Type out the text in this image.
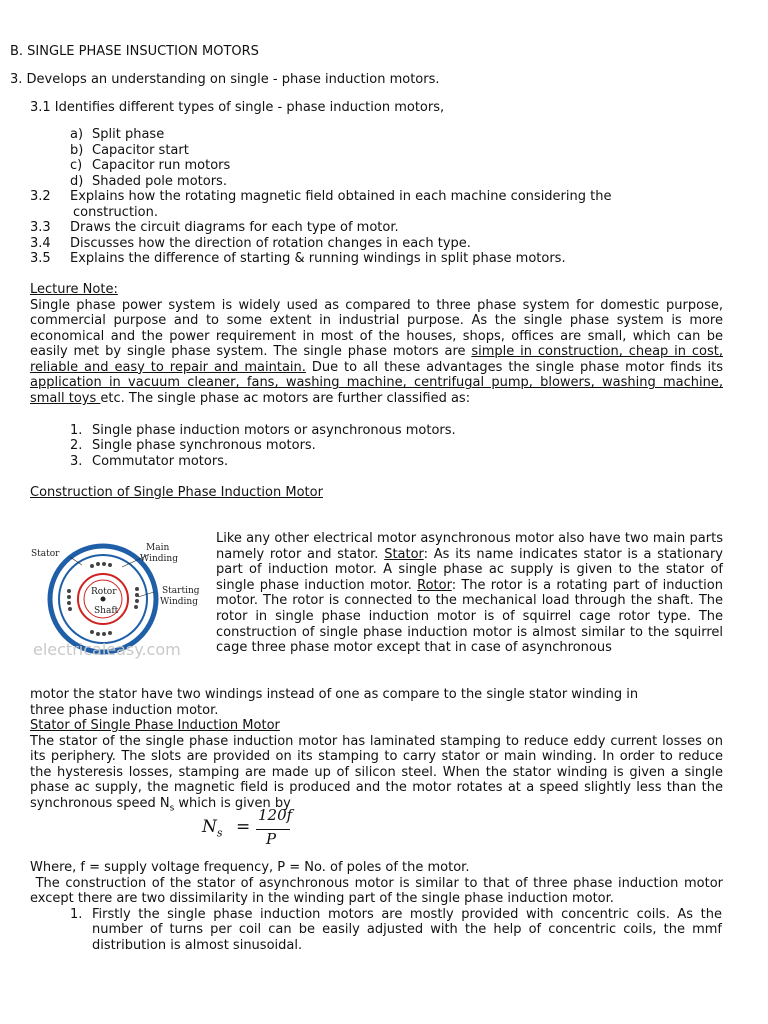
B. SINGLE PHASE INSUCTION MOTORS

3. Develops an understanding on single - phase induction motors.

3.1 Identifies different types of single - phase induction motors,

a) Split phase
b) Capacitor start
c) Capacitor run motors
d) Shaded pole motors.
3.2 Explains how the rotating magnetic field obtained in each machine considering the
construction.
3.3 Draws the circuit diagrams for each type of motor.
3.4 Discusses how the direction of rotation changes in each type.
3.5 Explains the difference of starting & running windings in split phase motors.

Lecture Note:

Single phase power system is widely used as compared to three phase system for domestic purpose, commercial purpose and to some extent in industrial purpose. As the single phase system is more economical and the power requirement in most of the houses, shops, offices are small, which can be easily met by single phase system. The single phase motors are simple in construction, cheap in cost, reliable and easy to repair and maintain. Due to all these advantages the single phase motor finds its application in vacuum cleaner, fans, washing machine, centrifugal pump, blowers, washing machine, small toys etc. The single phase ac motors are further classified as:

1. Single phase induction motors or asynchronous motors.
2. Single phase synchronous motors.
3. Commutator motors.

Construction of Single Phase Induction Motor

Like any other electrical motor asynchronous motor also have two main parts namely rotor and stator. Stator: As its name indicates stator is a stationary part of induction motor. A single phase ac supply is given to the stator of single phase induction motor. Rotor: The rotor is a rotating part of induction motor. The rotor is connected to the mechanical load through the shaft. The rotor in single phase induction motor is of squirrel cage rotor type. The construction of single phase induction motor is almost similar to the squirrel cage three phase motor except that in case of asynchronous

motor the stator have two windings instead of one as compare to the single stator winding in

three phase induction motor.

Stator of Single Phase Induction Motor

The stator of the single phase induction motor has laminated stamping to reduce eddy current losses on its periphery. The slots are provided on its stamping to carry stator or main winding. In order to reduce the hysteresis losses, stamping are made up of silicon steel. When the stator winding is given a single phase ac supply, the magnetic field is produced and the motor rotates at a speed slightly less than the synchronous speed $N_s$ which is given by

$N_s$ =
120f
P

Where, f = supply voltage frequency, P = No. of poles of the motor.

The construction of the stator of asynchronous motor is similar to that of three phase induction motor except there are two dissimilarity in the winding part of the single phase induction motor.

1. Firstly the single phase induction motors are mostly provided with concentric coils. As the number of turns per coil can be easily adjusted with the help of concentric coils, the mmf distribution is almost sinusoidal.

Stator
Main
Winding
Rotor
Shaft
Starting
Winding
electricaleasy.com
